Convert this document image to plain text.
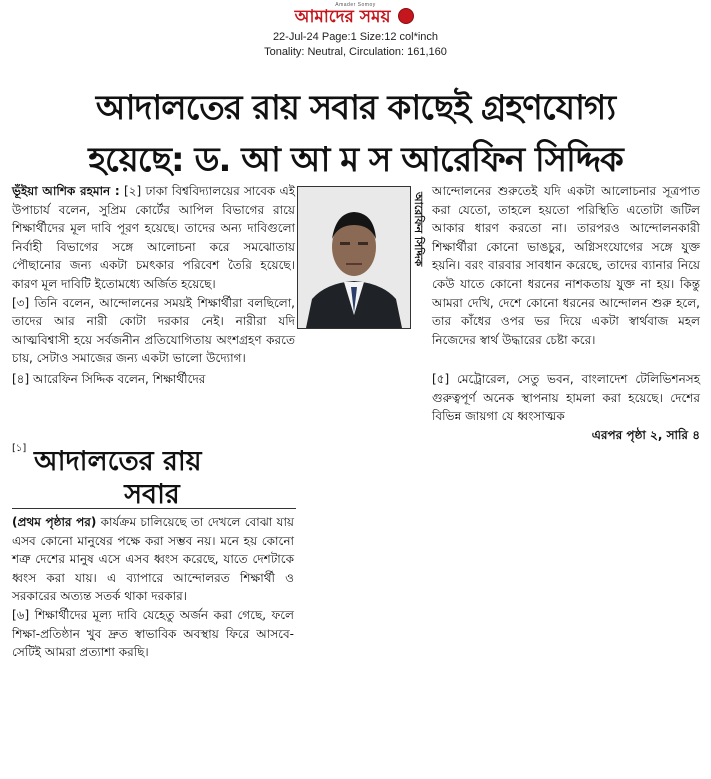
Amader Somoy
আমাদের সময়
22-Jul-24 Page:1 Size:12 col*inch
Tonality: Neutral, Circulation: 161,160
আদালতের রায় সবার কাছেই গ্রহণযোগ্য
হয়েছে: ড. আ আ ম স আরেফিন সিদ্দিক

ভূঁইয়া আশিক রহমান : [২] ঢাকা বিশ্ববিদ্যালয়ের সাবেক এই উপাচার্য বলেন, সুপ্রিম কোর্টের আপিল বিভাগের রায়ে শিক্ষার্থীদের মূল দাবি পূরণ হয়েছে। তাদের অন্য দাবিগুলো নির্বাহী বিভাগের সঙ্গে আলোচনা করে সমঝোতায় পৌছানোর জন্য একটা চমৎকার পরিবেশ তৈরি হয়েছে। কারণ মূল দাবিটি ইতোমধ্যে অর্জিত হয়েছে।

[৩] তিনি বলেন, আন্দোলনের সময়ই শিক্ষার্থীরা বলছিলো, তাদের আর নারী কোটা দরকার নেই। নারীরা যদি আত্মবিশ্বাসী হয়ে সর্বজনীন প্রতিযোগিতায় অংশগ্রহণ করতে চায়, সেটাও সমাজের জন্য একটা ভালো উদ্যোগ।

আরেফিন সিদ্দিক

আন্দোলনের শুরুতেই যদি একটা আলোচনার সূত্রপাত করা যেতো, তাহলে হয়তো পরিস্থিতি এতোটা জটিল আকার ধারণ করতো না। তারপরও আন্দোলনকারী শিক্ষার্থীরা কোনো ভাঙচুর, অগ্নিসংযোগের সঙ্গে যুক্ত হয়নি। বরং বারবার সাবধান করেছে, তাদের ব্যানার নিয়ে কেউ যাতে কোনো ধরনের নাশকতায় যুক্ত না হয়। কিন্তু আমরা দেখি, দেশে কোনো ধরনের আন্দোলন শুরু হলে, তার কাঁধের ওপর ভর দিয়ে একটা স্বার্থবাজ মহল নিজেদের স্বার্থ উদ্ধারের চেষ্টা করে।

[৪] আরেফিন সিদ্দিক বলেন, শিক্ষার্থীদের	[৫] মেট্রোরেল, সেতু ভবন, বাংলাদেশ টেলিভিশনসহ গুরুত্বপূর্ণ অনেক স্থাপনায় হামলা করা হয়েছে। দেশের বিভিন্ন জায়গা যে ধ্বংসাত্মক

এরপর পৃষ্ঠা ২, সারি ৪

[১] আদালতের রায়
সবার

(প্রথম পৃষ্ঠার পর) কার্যক্রম চালিয়েছে তা দেখলে বোঝা যায় এসব কোনো মানুষের পক্ষে করা সম্ভব নয়। মনে হয় কোনো শত্রু দেশের মানুষ এসে এসব ধ্বংস করেছে, যাতে দেশটাকে ধ্বংস করা যায়। এ ব্যাপারে আন্দোলরত শিক্ষার্থী ও সরকারের অত্যন্ত সতর্ক থাকা দরকার।

[৬] শিক্ষার্থীদের মূল্য দাবি যেহেতু অর্জন করা গেছে, ফলে শিক্ষা-প্রতিষ্ঠান খুব দ্রুত স্বাভাবিক অবস্থায় ফিরে আসবে-সেটিই আমরা প্রত্যাশা করছি।
